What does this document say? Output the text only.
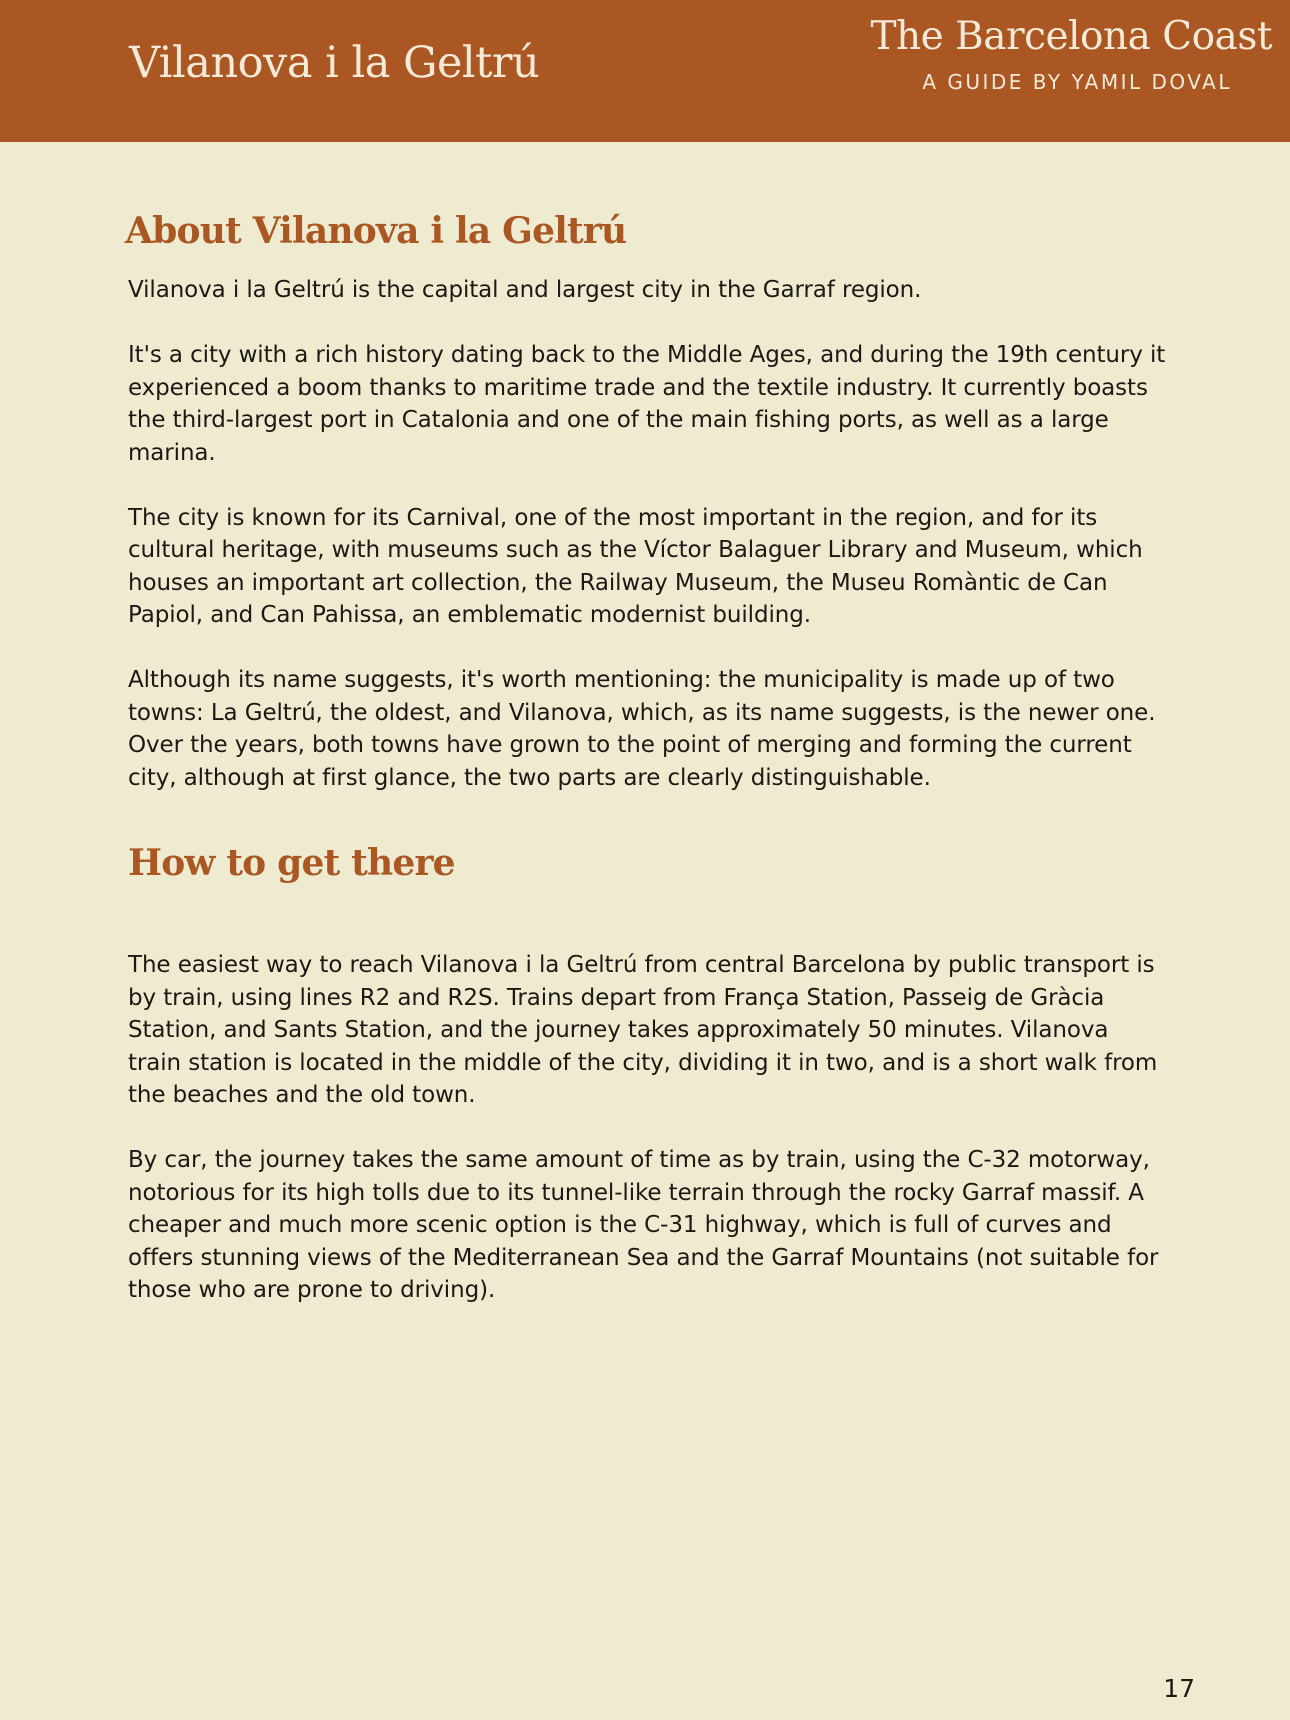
Vilanova i la Geltrú
The Barcelona Coast
A GUIDE BY YAMIL DOVAL
About Vilanova i la Geltrú

Vilanova i la Geltrú is the capital and largest city in the Garraf region.

It's a city with a rich history dating back to the Middle Ages, and during the 19th century it experienced a boom thanks to maritime trade and the textile industry. It currently boasts the third-largest port in Catalonia and one of the main fishing ports, as well as a large marina.

The city is known for its Carnival, one of the most important in the region, and for its cultural heritage, with museums such as the Víctor Balaguer Library and Museum, which houses an important art collection, the Railway Museum, the Museu Romàntic de Can Papiol, and Can Pahissa, an emblematic modernist building.

Although its name suggests, it's worth mentioning: the municipality is made up of two towns: La Geltrú, the oldest, and Vilanova, which, as its name suggests, is the newer one. Over the years, both towns have grown to the point of merging and forming the current city, although at first glance, the two parts are clearly distinguishable.

How to get there

The easiest way to reach Vilanova i la Geltrú from central Barcelona by public transport is by train, using lines R2 and R2S. Trains depart from França Station, Passeig de Gràcia Station, and Sants Station, and the journey takes approximately 50 minutes. Vilanova train station is located in the middle of the city, dividing it in two, and is a short walk from the beaches and the old town.

By car, the journey takes the same amount of time as by train, using the C-32 motorway, notorious for its high tolls due to its tunnel-like terrain through the rocky Garraf massif. A cheaper and much more scenic option is the C-31 highway, which is full of curves and offers stunning views of the Mediterranean Sea and the Garraf Mountains (not suitable for those who are prone to driving).

17
